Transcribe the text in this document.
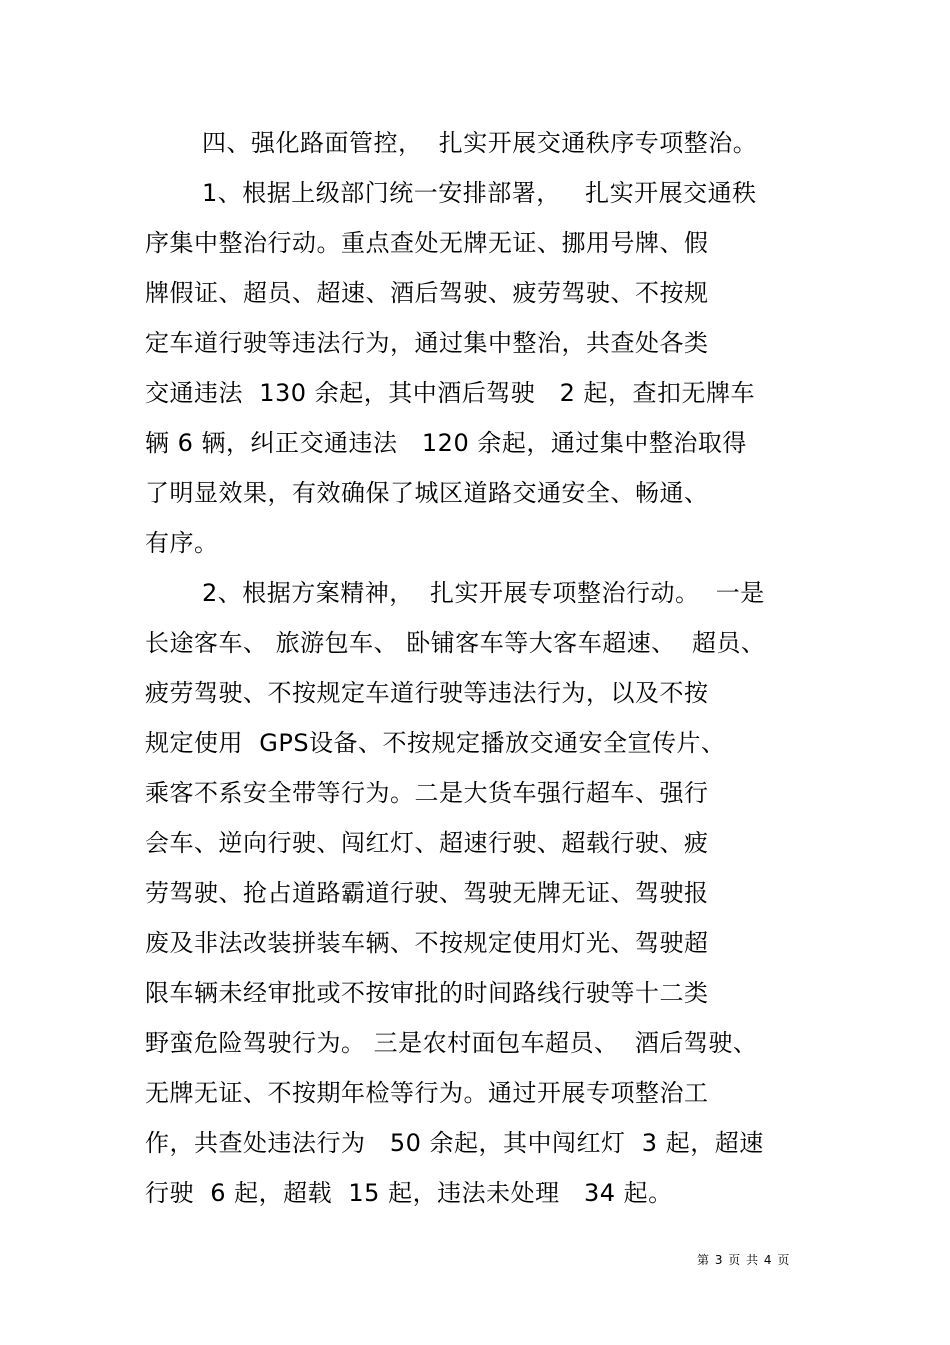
四、强化路面管控，  扎实开展交通秩序专项整治。
1、根据上级部门统一安排部署，   扎实开展交通秩
序集中整治行动。重点查处无牌无证、挪用号牌、假
牌假证、超员、超速、酒后驾驶、疲劳驾驶、不按规
定车道行驶等违法行为，通过集中整治，共查处各类
交通违法  130 余起，其中酒后驾驶   2 起，查扣无牌车
辆 6 辆，纠正交通违法   120 余起，通过集中整治取得
了明显效果，有效确保了城区道路交通安全、畅通、
有序。
2、根据方案精神，  扎实开展专项整治行动。  一是
长途客车、 旅游包车、 卧铺客车等大客车超速、  超员、
疲劳驾驶、不按规定车道行驶等违法行为，以及不按
规定使用  GPS设备、不按规定播放交通安全宣传片、
乘客不系安全带等行为。二是大货车强行超车、强行
会车、逆向行驶、闯红灯、超速行驶、超载行驶、疲
劳驾驶、抢占道路霸道行驶、驾驶无牌无证、驾驶报
废及非法改装拼装车辆、不按规定使用灯光、驾驶超
限车辆未经审批或不按审批的时间路线行驶等十二类
野蛮危险驾驶行为。 三是农村面包车超员、  酒后驾驶、
无牌无证、不按期年检等行为。通过开展专项整治工
作，共查处违法行为   50 余起，其中闯红灯  3 起，超速
行驶  6 起，超载  15 起，违法未处理   34 起。
第 3 页 共 4 页
